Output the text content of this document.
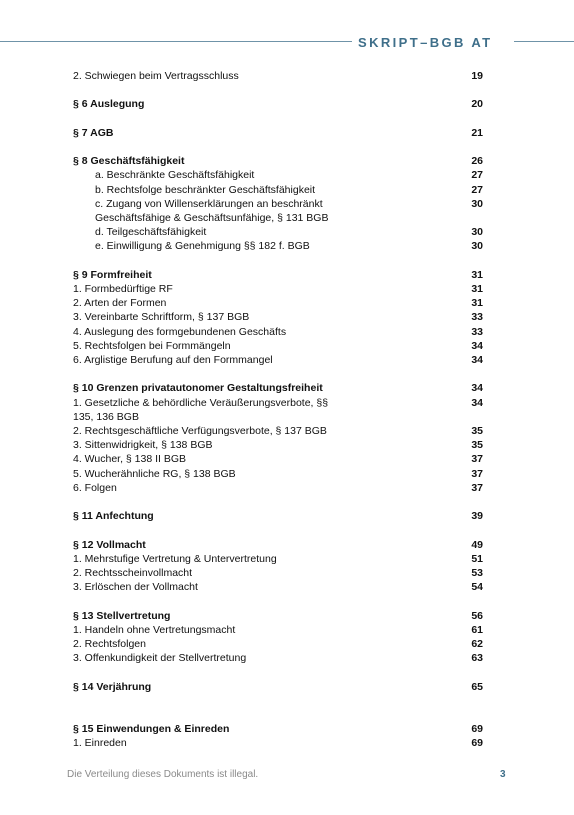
SKRIPT–BGB AT
2. Schwiegen beim Vertragsschluss	19
§ 6 Auslegung	20
§ 7 AGB	21
§ 8 Geschäftsfähigkeit	26
a. Beschränkte Geschäftsfähigkeit	27
b. Rechtsfolge beschränkter Geschäftsfähigkeit	27
c. Zugang von Willenserklärungen an beschränkt	30
Geschäftsfähige & Geschäftsunfähige, § 131 BGB
d. Teilgeschäftsfähigkeit	30
e. Einwilligung & Genehmigung §§ 182 f. BGB	30
§ 9 Formfreiheit	31
1. Formbedürftige RF	31
2. Arten der Formen	31
3. Vereinbarte Schriftform, § 137 BGB	33
4. Auslegung des formgebundenen Geschäfts	33
5. Rechtsfolgen bei Formmängeln	34
6. Arglistige Berufung auf den Formmangel	34
§ 10 Grenzen privatautonomer Gestaltungsfreiheit	34
1. Gesetzliche & behördliche Veräußerungsverbote, §§	34
135, 136 BGB
2. Rechtsgeschäftliche Verfügungsverbote, § 137 BGB	35
3. Sittenwidrigkeit, § 138 BGB	35
4. Wucher, § 138 II BGB	37
5. Wucherähnliche RG, § 138 BGB	37
6. Folgen	37
§ 11 Anfechtung	39
§ 12 Vollmacht	49
1. Mehrstufige Vertretung & Untervertretung	51
2. Rechtsscheinvollmacht	53
3. Erlöschen der Vollmacht	54
§ 13 Stellvertretung	56
1. Handeln ohne Vertretungsmacht	61
2. Rechtsfolgen	62
3. Offenkundigkeit der Stellvertretung	63
§ 14 Verjährung	65
§ 15 Einwendungen & Einreden	69
1. Einreden	69
Die Verteilung dieses Dokuments ist illegal.	3
